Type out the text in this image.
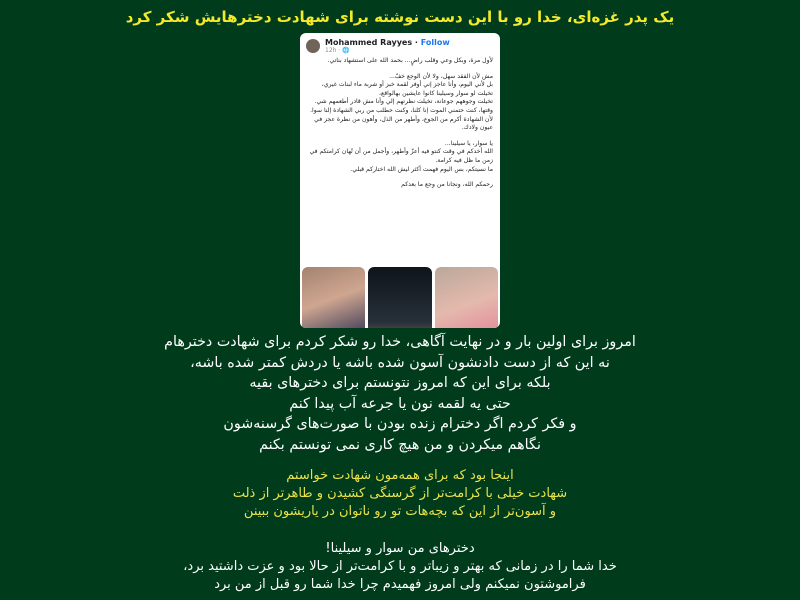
یک پدر غزه‌ای، خدا رو با این دست نوشته برای شهادت دخترهایش شکر کرد
Mohammed Rayyes · Follow
12h · 🌐

لأول مرة، وبكل وعي وقلب راضٍ... بحمد الله على استشهاد بناتي.

مش لأن الفقد سهل، ولا لأن الوجع خفّ...
بل لأني اليوم، وأنا عاجز إني أوفر لقمة خبز أو شربة ماء لبنات غيري،
تخيلت لو سوار وسيلينا كانوا عايشين بهالواقع،
تخيلت وجوههم جوعانة، تخيلت نظرتهم إلي وأنا مش قادر أطعمهم شي.
وقتها، كنت حتمني الموت إنا كلنا، وكنت حطلب من ربي الشهادة إلنا سوا.
لأن الشهادة أكرم من الجوع، وأطهر من الذل، وأهون من نظرة عجز في عيون ولادك.

يا سوار، يا سيلينا...
الله أخدكم في وقت كنتو فيه أعزّ وأطهر، وأجمل من أن تُهان كرامتكم في زمن ما ظل فيه كرامة.
ما نسيتكم، بس اليوم فهمت أكثر ليش الله اختاركم قبلي.

رحمكم الله، ونجانا من وجع ما بعدكم

امروز برای اولین بار و در نهایت آگاهی، خدا رو شکر کردم برای شهادت دخترهام
نه این که از دست دادنشون آسون شده باشه یا دردش کمتر شده باشه،
بلکه برای این که امروز نتونستم برای دخترهای بقیه
حتی یه لقمه نون یا جرعه آب پیدا کنم
و فکر کردم اگر دخترام زنده بودن با صورت‌های گرسنه‌شون
نگاهم میکردن و من هیچ کاری نمی تونستم بکنم
اینجا بود که برای همه‌مون شهادت خواستم
شهادت خیلی با کرامت‌تر از گرسنگی کشیدن و طاهرتر از ذلت
و آسون‌تر از این که بچه‌هات تو رو ناتوان در یاریشون ببینن
دخترهای من سوار و سیلینا!
خدا شما را در زمانی که بهتر و زیباتر و با کرامت‌تر از حالا بود و عزت داشتید برد،
فراموشتون نمیکنم ولی امروز فهمیدم چرا خدا شما رو قبل از من برد
